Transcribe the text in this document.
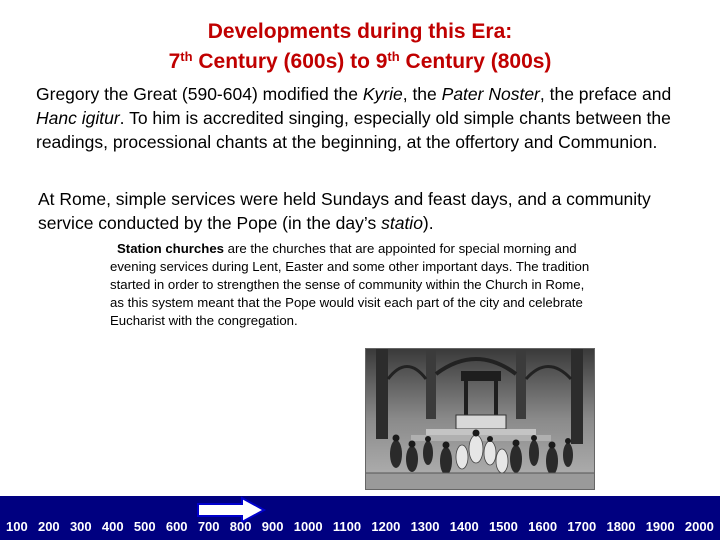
Developments during this Era:
7th Century (600s) to 9th Century (800s)
Gregory the Great (590-604) modified the Kyrie, the Pater Noster, the preface and Hanc igitur. To him is accredited singing, especially old simple chants between the readings, processional chants at the beginning, at the offertory and Communion.
At Rome, simple services were held Sundays and feast days, and a community service conducted by the Pope (in the day’s statio).
Station churches are the churches that are appointed for special morning and evening services during Lent, Easter and some other important days. The tradition started in order to strengthen the sense of community within the Church in Rome, as this system meant that the Pope would visit each part of the city and celebrate Eucharist with the congregation.
100 200 300 400 500 600 700 800 900 1000 1100 1200 1300 1400 1500 1600 1700 1800 1900 2000
